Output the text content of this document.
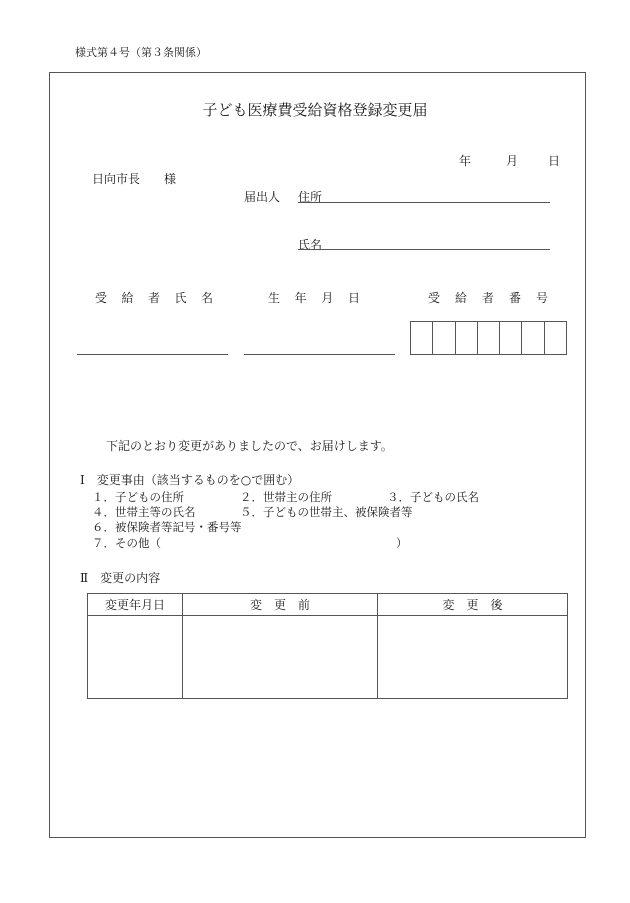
様式第４号（第３条関係）
子ども医療費受給資格登録変更届
年	月	日
日向市長　　様
届出人 住所
氏名
受 給 者 氏 名	生 年 月 日	受 給 者 番 号
下記のとおり変更がありましたので、お届けします。
Ⅰ　変更事由（該当するものを○で囲む）
１．子どもの住所	２．世帯主の住所	３．子どもの氏名
４．世帯主等の氏名	５．子どもの世帯主、被保険者等
６．被保険者等記号・番号等
７．その他（	）
Ⅱ　変更の内容
変更年月日	変　更　前	変　更　後
